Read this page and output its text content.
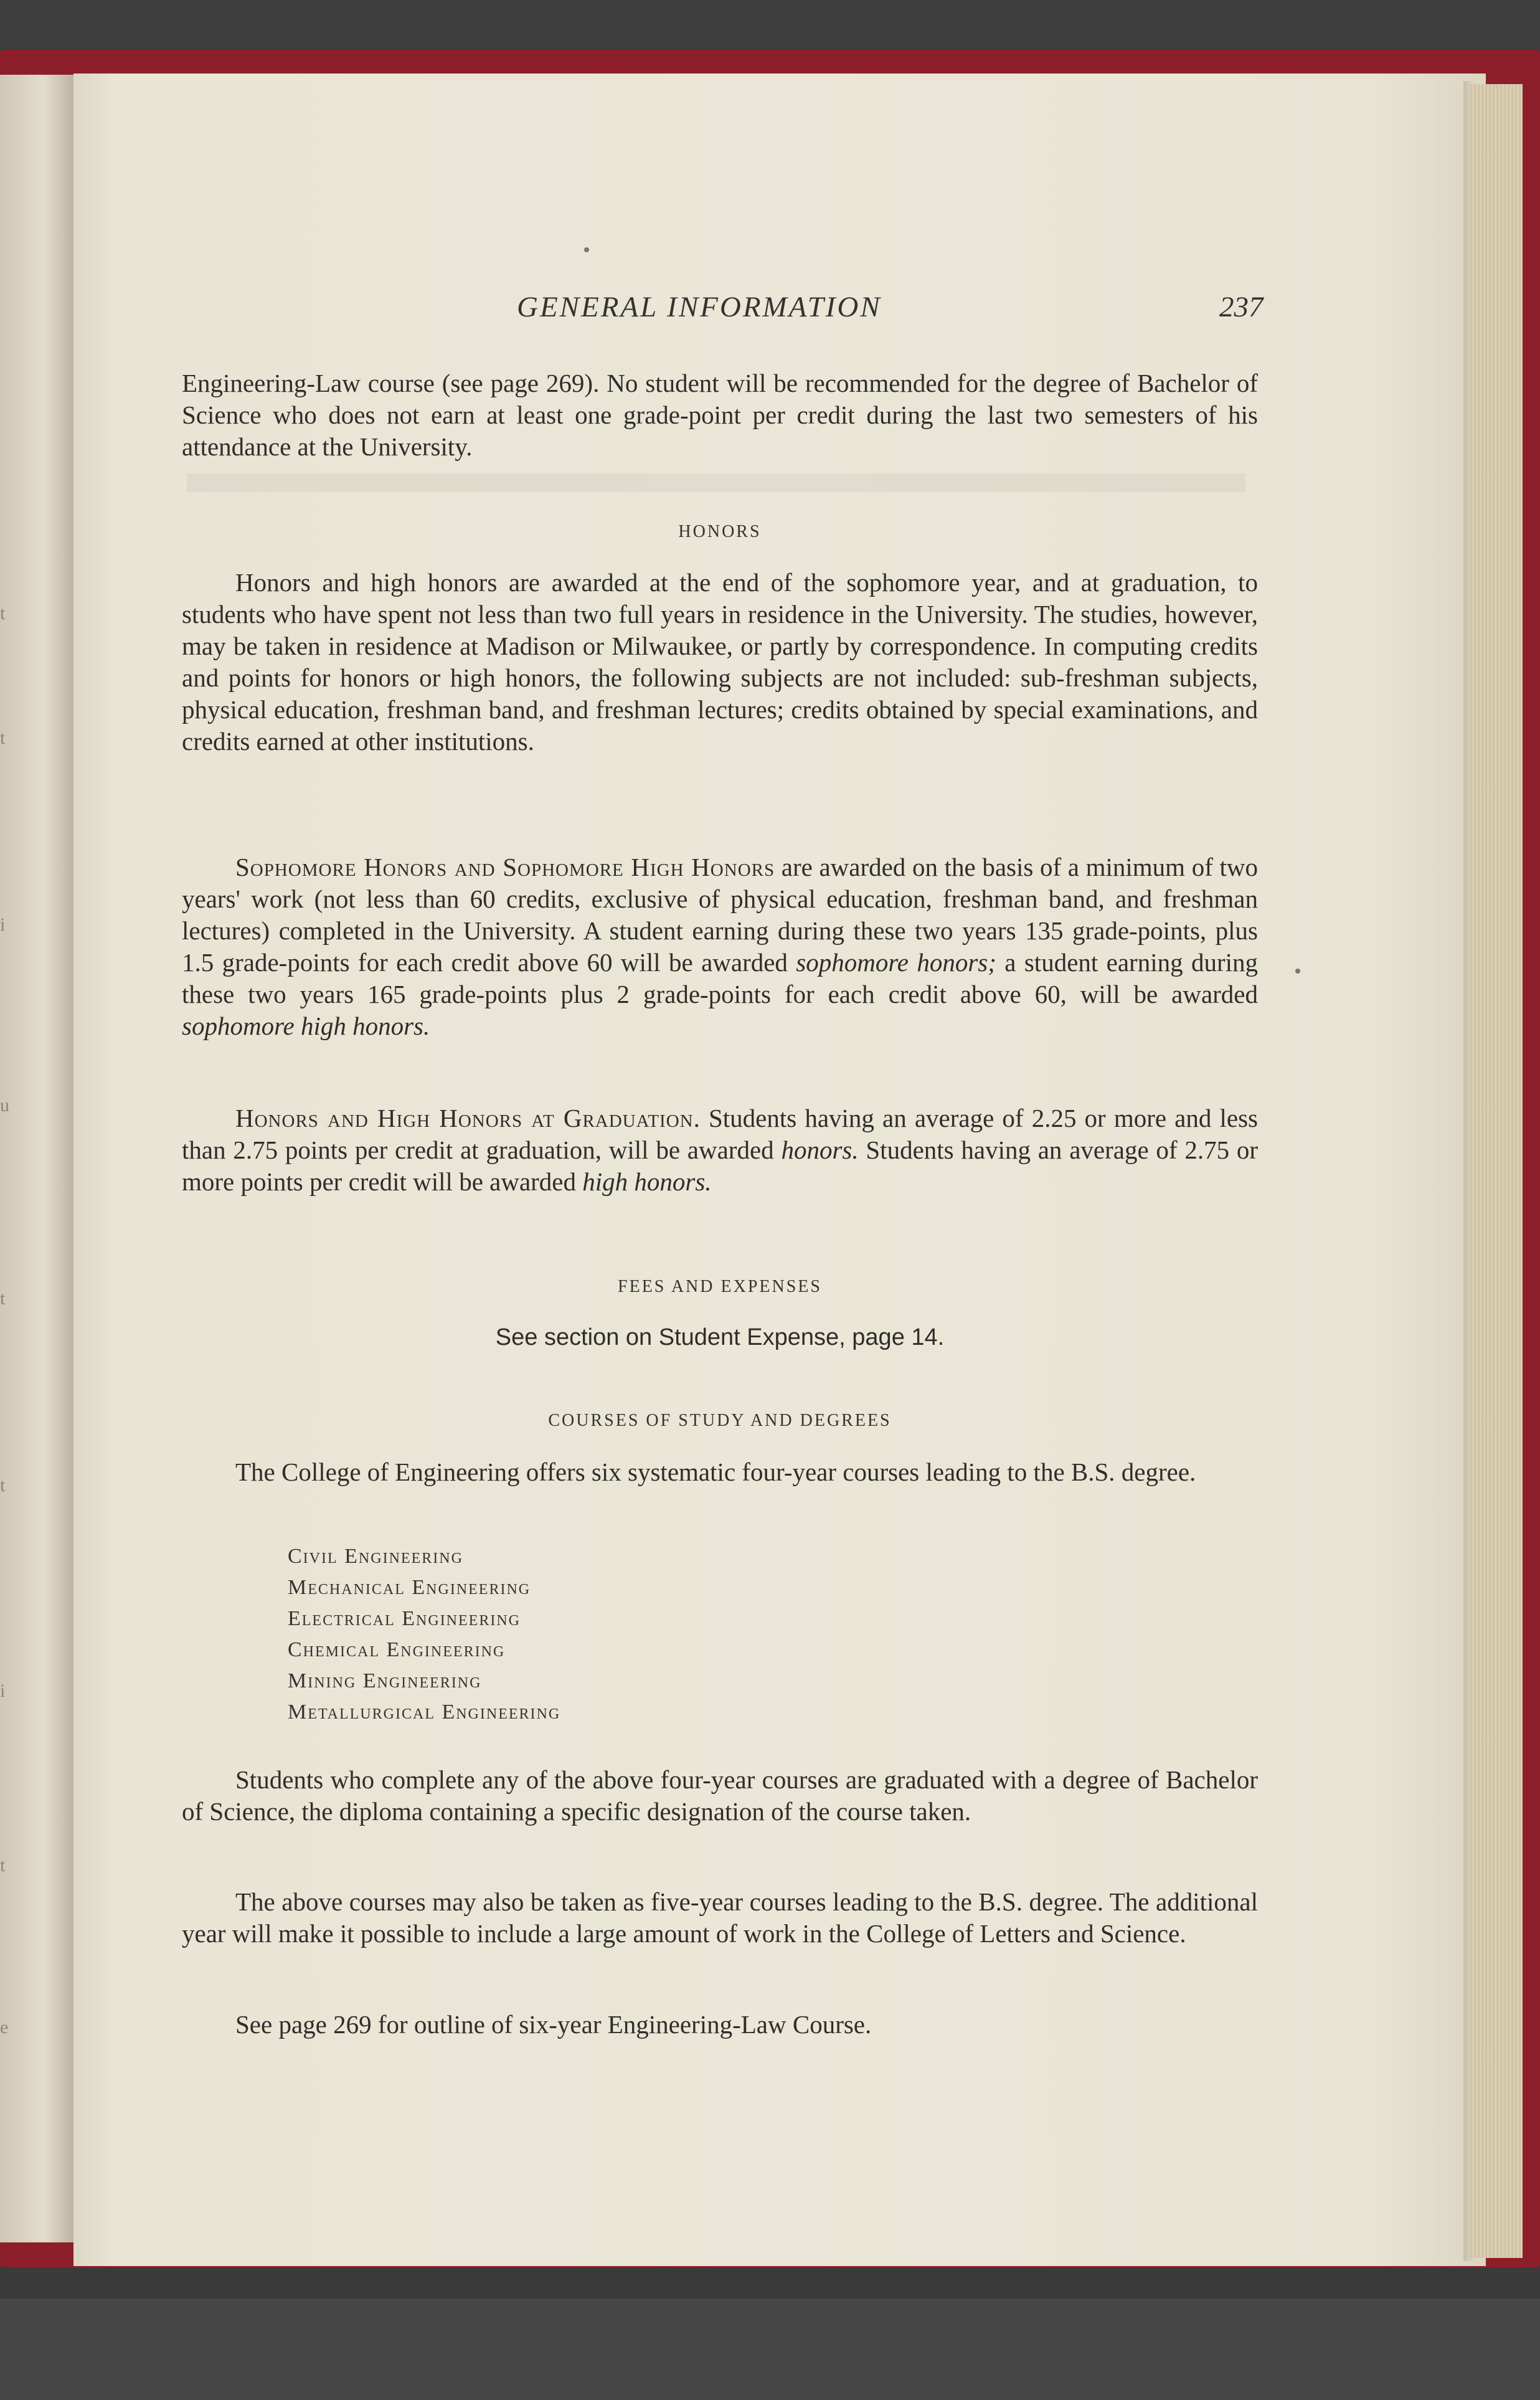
t
t
i
u
t
t
i
t
e
GENERAL INFORMATION	237

Engineering-Law course (see page 269). No student will be recommended for the degree of Bachelor of Science who does not earn at least one grade-point per credit during the last two semesters of his attendance at the University.

HONORS

Honors and high honors are awarded at the end of the sophomore year, and at graduation, to students who have spent not less than two full years in residence in the University. The studies, however, may be taken in residence at Madison or Milwaukee, or partly by correspondence. In computing credits and points for honors or high honors, the following subjects are not included: sub-freshman subjects, physical education, freshman band, and freshman lectures; credits obtained by special examinations, and credits earned at other institutions.

Sophomore Honors and Sophomore High Honors are awarded on the basis of a minimum of two years' work (not less than 60 credits, exclusive of physical education, freshman band, and freshman lectures) completed in the University. A student earning during these two years 135 grade-points, plus 1.5 grade-points for each credit above 60 will be awarded sophomore honors; a student earning during these two years 165 grade-points plus 2 grade-points for each credit above 60, will be awarded sophomore high honors.

Honors and High Honors at Graduation. Students having an average of 2.25 or more and less than 2.75 points per credit at graduation, will be awarded honors. Students having an average of 2.75 or more points per credit will be awarded high honors.

FEES AND EXPENSES
See section on Student Expense, page 14.
COURSES OF STUDY AND DEGREES

The College of Engineering offers six systematic four-year courses leading to the B.S. degree.

Civil Engineering
Mechanical Engineering
Electrical Engineering
Chemical Engineering
Mining Engineering
Metallurgical Engineering

Students who complete any of the above four-year courses are graduated with a degree of Bachelor of Science, the diploma containing a specific designation of the course taken.

The above courses may also be taken as five-year courses leading to the B.S. degree. The additional year will make it possible to include a large amount of work in the College of Letters and Science.

See page 269 for outline of six-year Engineering-Law Course.
